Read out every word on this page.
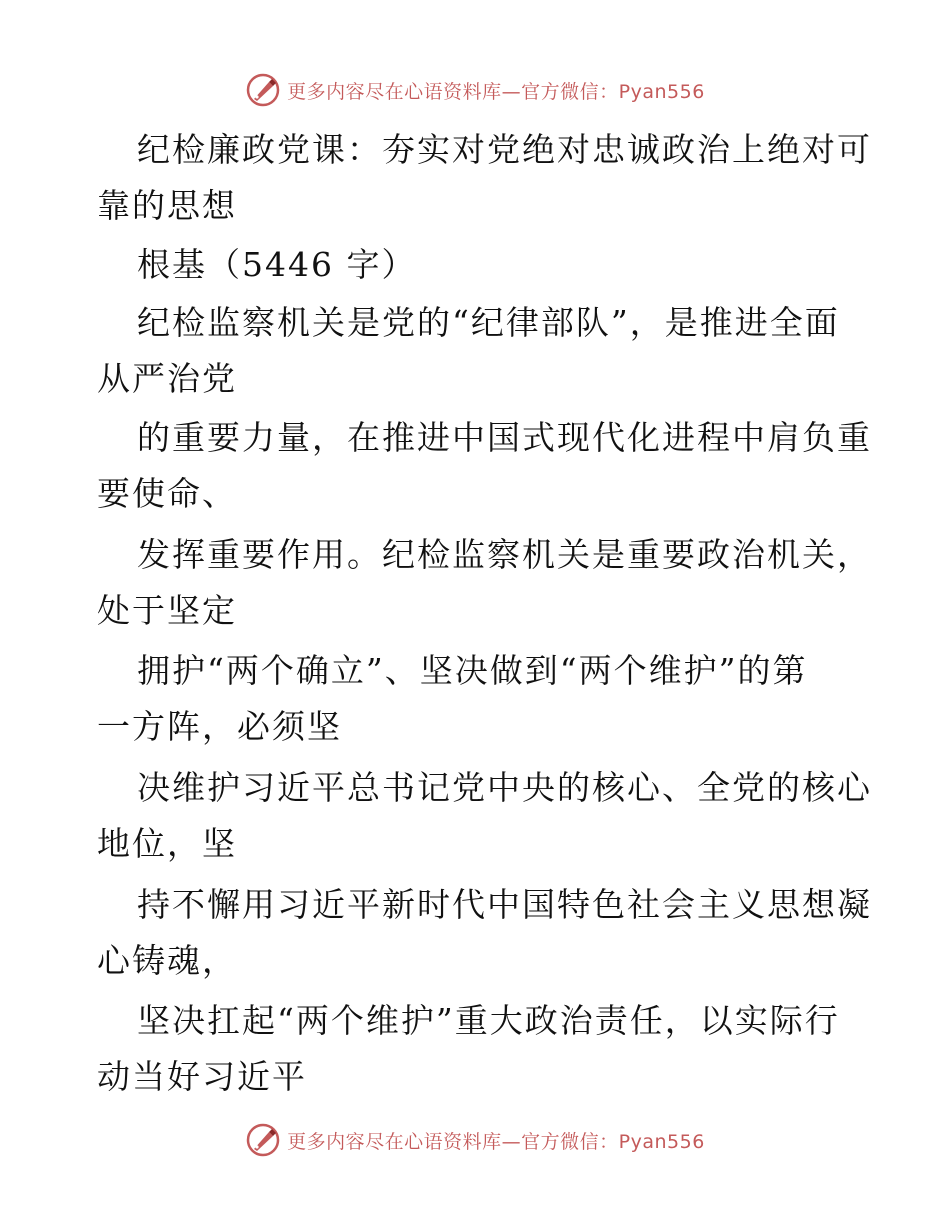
更多内容尽在心语资料库—官方微信：Pyan556
纪检廉政党课：夯实对党绝对忠诚政治上绝对可
靠的思想
根基（5446 字）
纪检监察机关是党的“纪律部队”，是推进全面
从严治党
的重要力量，在推进中国式现代化进程中肩负重
要使命、
发挥重要作用。纪检监察机关是重要政治机关，
处于坚定
拥护“两个确立”、坚决做到“两个维护”的第
一方阵，必须坚
决维护习近平总书记党中央的核心、全党的核心
地位，坚
持不懈用习近平新时代中国特色社会主义思想凝
心铸魂，
坚决扛起“两个维护”重大政治责任，以实际行
动当好习近平
更多内容尽在心语资料库—官方微信：Pyan556
